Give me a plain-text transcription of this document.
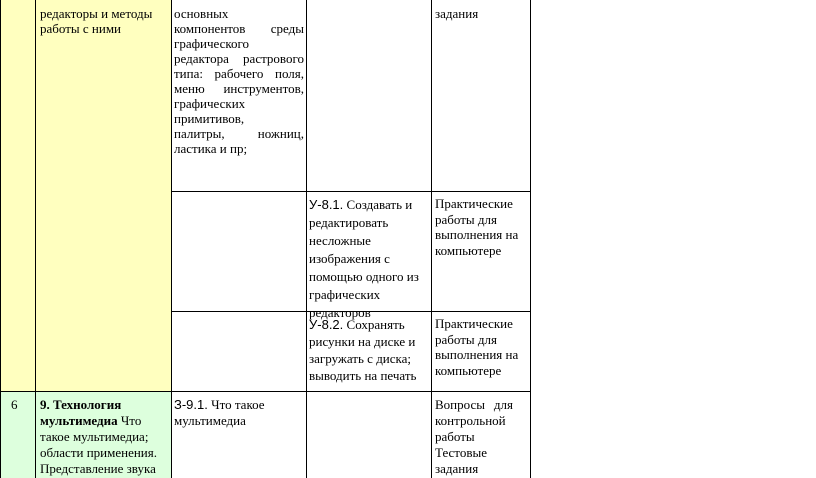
редакторы и методы
работы с ними
основных
компонентов среды
графического
редактора растрового
типа: рабочего поля,
меню инструментов,
графических
примитивов,
палитры, ножниц,
ластика и пр;
задания
У-8.1. Создавать и
редактировать
несложные
изображения с
помощью одного из
графических
редакторов
Практические
работы для
выполнения на
компьютере
У-8.2. Сохранять
рисунки на диске и
загружать с диска;
выводить на печать
Практические
работы для
выполнения на
компьютере
6 9. Технология
мультимедиа Что
такое мультимедиа;
области применения.
Представление звука
З-9.1. Что такое
мультимедиа
Вопросы для
контрольной
работы
Тестовые
задания
